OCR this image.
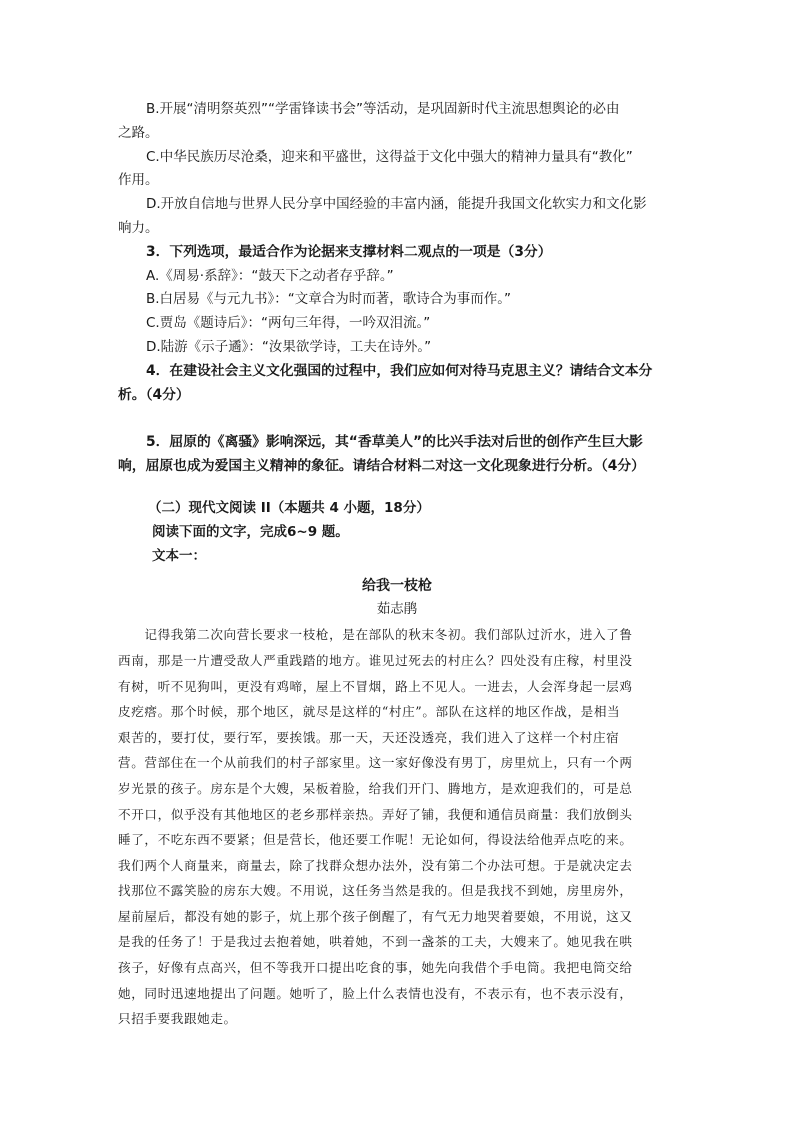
B.开展“清明祭英烈”“学雷锋读书会”等活动，是巩固新时代主流思想舆论的必由

之路。

C.中华民族历尽沧桑，迎来和平盛世，这得益于文化中强大的精神力量具有“教化”

作用。

D.开放自信地与世界人民分享中国经验的丰富内涵，能提升我国文化软实力和文化影

响力。

3．下列选项，最适合作为论据来支撑材料二观点的一项是（3分）

A.《周易·系辞》：“鼓天下之动者存乎辞。”

B.白居易《与元九书》：“文章合为时而著，歌诗合为事而作。”

C.贾岛《题诗后》：“两句三年得，一吟双泪流。”

D.陆游《示子遹》：“汝果欲学诗，工夫在诗外。”

4．在建设社会主义文化强国的过程中，我们应如何对待马克思主义？请结合文本分

析。（4分）

5．屈原的《离骚》影响深远，其“香草美人”的比兴手法对后世的创作产生巨大影

响，屈原也成为爱国主义精神的象征。请结合材料二对这一文化现象进行分析。（4分）

（二）现代文阅读 II（本题共 4 小题，18分）

阅读下面的文字，完成6~9 题。

文本一：

给我一枝枪

茹志鹃

　　记得我第二次向营长要求一枝枪，是在部队的秋末冬初。我们部队过沂水，进入了鲁

西南，那是一片遭受敌人严重践踏的地方。谁见过死去的村庄么？四处没有庄稼，村里没

有树，听不见狗叫，更没有鸡啼，屋上不冒烟，路上不见人。一进去，人会浑身起一层鸡

皮疙瘩。那个时候，那个地区，就尽是这样的“村庄”。部队在这样的地区作战，是相当

艰苦的，要打仗，要行军，要挨饿。那一天，天还没透亮，我们进入了这样一个村庄宿

营。营部住在一个从前我们的村子部家里。这一家好像没有男丁，房里炕上，只有一个两

岁光景的孩子。房东是个大嫂，呆板着脸，给我们开门、腾地方，是欢迎我们的，可是总

不开口，似乎没有其他地区的老乡那样亲热。弄好了铺，我便和通信员商量：我们放倒头

睡了，不吃东西不要紧；但是营长，他还要工作呢！无论如何，得设法给他弄点吃的来。

我们两个人商量来，商量去，除了找群众想办法外，没有第二个办法可想。于是就决定去

找那位不露笑脸的房东大嫂。不用说，这任务当然是我的。但是我找不到她，房里房外，

屋前屋后，都没有她的影子，炕上那个孩子倒醒了，有气无力地哭着要娘，不用说，这又

是我的任务了！于是我过去抱着她，哄着她，不到一盏茶的工夫，大嫂来了。她见我在哄

孩子，好像有点高兴，但不等我开口提出吃食的事，她先向我借个手电筒。我把电筒交给

她，同时迅速地提出了问题。她听了，脸上什么表情也没有，不表示有，也不表示没有，

只招手要我跟她走。
